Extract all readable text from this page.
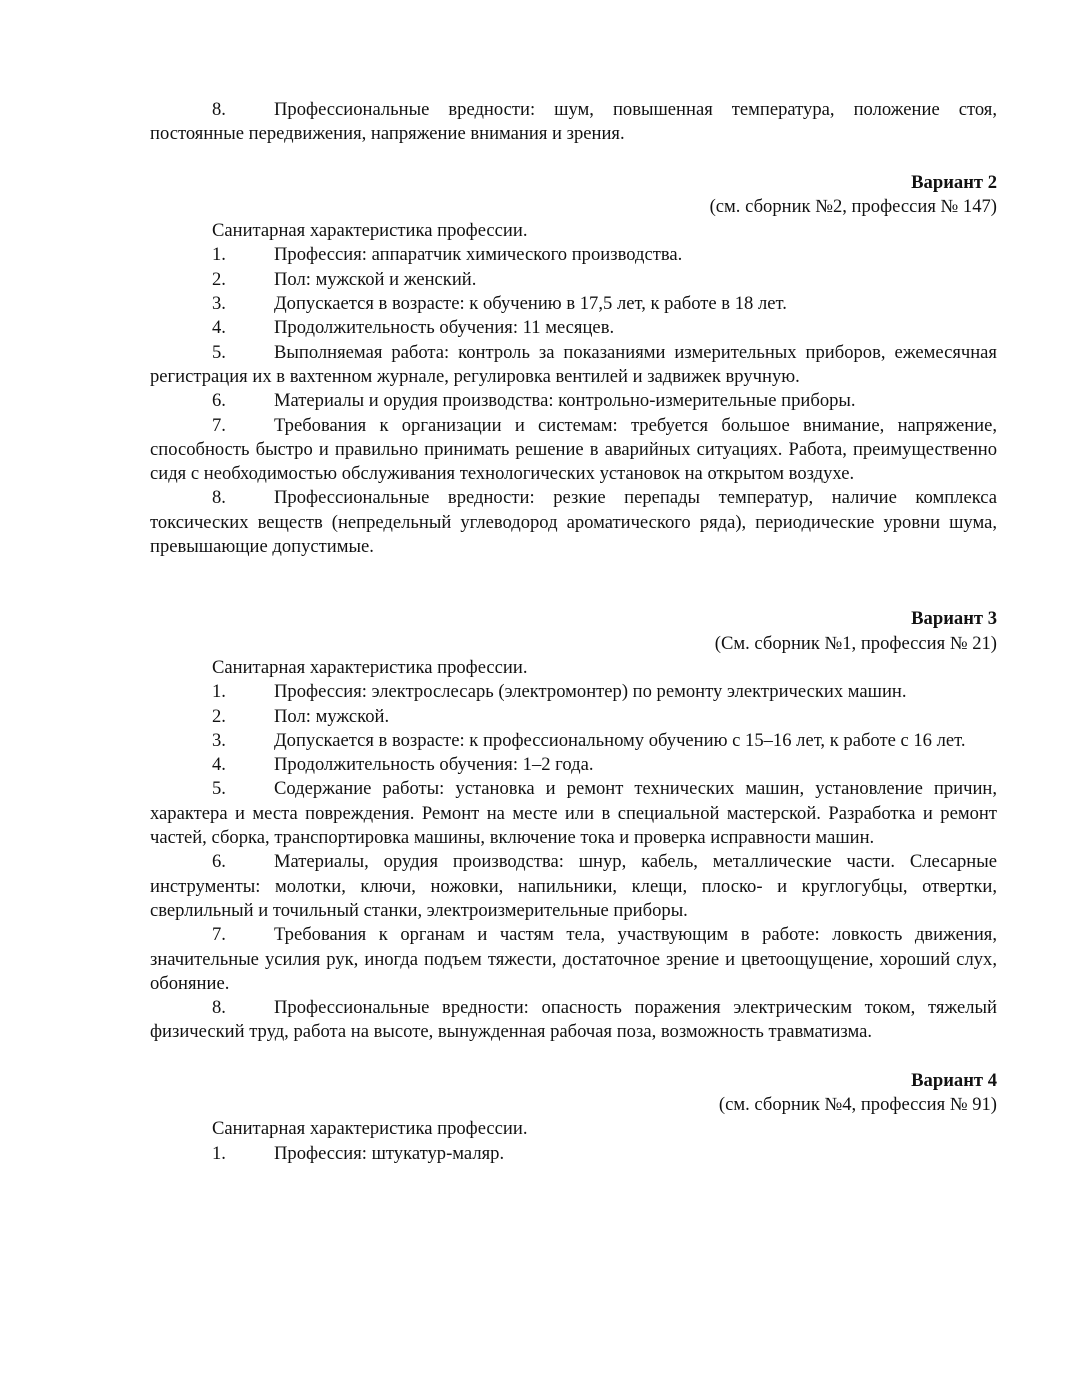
8.	Профессиональные вредности: шум, повышенная температура, положение стоя, постоянные передвижения, напряжение внимания и зрения.

Вариант 2

(см. сборник №2, профессия № 147)

Санитарная характеристика профессии.

1.	Профессия: аппаратчик химического производства.

2.	Пол: мужской и женский.

3.	Допускается в возрасте: к обучению в 17,5 лет, к работе в 18 лет.

4.	Продолжительность обучения: 11 месяцев.

5.	Выполняемая работа: контроль за показаниями измерительных приборов, ежемесячная регистрация их в вахтенном журнале, регулировка вентилей и задвижек вручную.

6.	Материалы и орудия производства: контрольно-измерительные приборы.

7.	Требования к организации и системам: требуется большое внимание, напряжение, способность быстро и правильно принимать решение в аварийных ситуациях. Работа, преимущественно сидя с необходимостью обслуживания технологических установок на открытом воздухе.

8.	Профессиональные вредности: резкие перепады температур, наличие комплекса токсических веществ (непредельный углеводород ароматического ряда), периодические уровни шума, превышающие допустимые.

Вариант 3

(См. сборник №1, профессия № 21)

Санитарная характеристика профессии.

1.	Профессия: электрослесарь (электромонтер) по ремонту электрических машин.

2.	Пол: мужской.

3.	Допускается в возрасте: к профессиональному обучению с 15–16 лет, к работе с 16 лет.

4.	Продолжительность обучения: 1–2 года.

5.	Содержание работы: установка и ремонт технических машин, установление причин, характера и места повреждения. Ремонт на месте или в специальной мастерской. Разработка и ремонт частей, сборка, транспортировка машины, включение тока и проверка исправности машин.

6.	Материалы, орудия производства: шнур, кабель, металлические части. Слесарные инструменты: молотки, ключи, ножовки, напильники, клещи, плоско- и круглогубцы, отвертки, сверлильный и точильный станки, электроизмерительные приборы.

7.	Требования к органам и частям тела, участвующим в работе: ловкость движения, значительные усилия рук, иногда подъем тяжести, достаточное зрение и цветоощущение, хороший слух, обоняние.

8.	Профессиональные вредности: опасность поражения электрическим током, тяжелый физический труд, работа на высоте, вынужденная рабочая поза, возможность травматизма.

Вариант 4

(см. сборник №4, профессия № 91)

Санитарная характеристика профессии.

1.	Профессия: штукатур-маляр.
